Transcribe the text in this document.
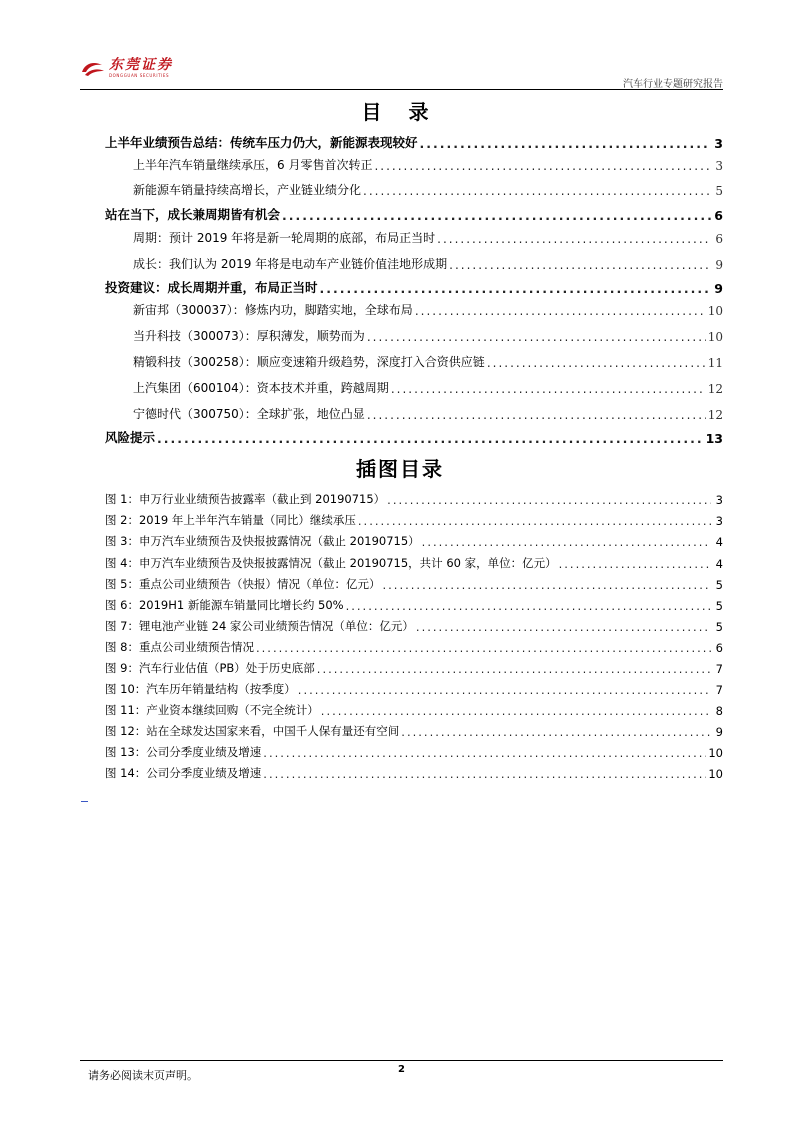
东莞证券
DONGGUAN SECURITIES
汽车行业专题研究报告
目 录
上半年业绩预告总结：传统车压力仍大，新能源表现较好 .....	3
上半年汽车销量继续承压，6 月零售首次转正 .....	3
新能源车销量持续高增长，产业链业绩分化 .....	5
站在当下，成长兼周期皆有机会 .....	6
周期：预计 2019 年将是新一轮周期的底部，布局正当时 .....	6
成长：我们认为 2019 年将是电动车产业链价值洼地形成期 .....	9
投资建议：成长周期并重，布局正当时 .....	9
新宙邦（300037）：修炼内功，脚踏实地，全球布局 .....	10
当升科技（300073）：厚积薄发，顺势而为 .....	10
精锻科技（300258）：顺应变速箱升级趋势，深度打入合资供应链 .....	11
上汽集团（600104）：资本技术并重，跨越周期 .....	12
宁德时代（300750）：全球扩张，地位凸显 .....	12
风险提示 .....	13
插图目录
图 1：申万行业业绩预告披露率（截止到 20190715） .....	3
图 2：2019 年上半年汽车销量（同比）继续承压 .....	3
图 3：申万汽车业绩预告及快报披露情况（截止 20190715） .....	4
图 4：申万汽车业绩预告及快报披露情况（截止 20190715，共计 60 家，单位：亿元） .....	4
图 5：重点公司业绩预告（快报）情况（单位：亿元） .....	5
图 6：2019H1 新能源车销量同比增长约 50% .....	5
图 7：锂电池产业链 24 家公司业绩预告情况（单位：亿元） .....	5
图 8：重点公司业绩预告情况 .....	6
图 9：汽车行业估值（PB）处于历史底部 .....	7
图 10：汽车历年销量结构（按季度） .....	7
图 11：产业资本继续回购（不完全统计） .....	8
图 12：站在全球发达国家来看，中国千人保有量还有空间 .....	9
图 13：公司分季度业绩及增速 .....	10
图 14：公司分季度业绩及增速 .....	10
请务必阅读末页声明。	2
